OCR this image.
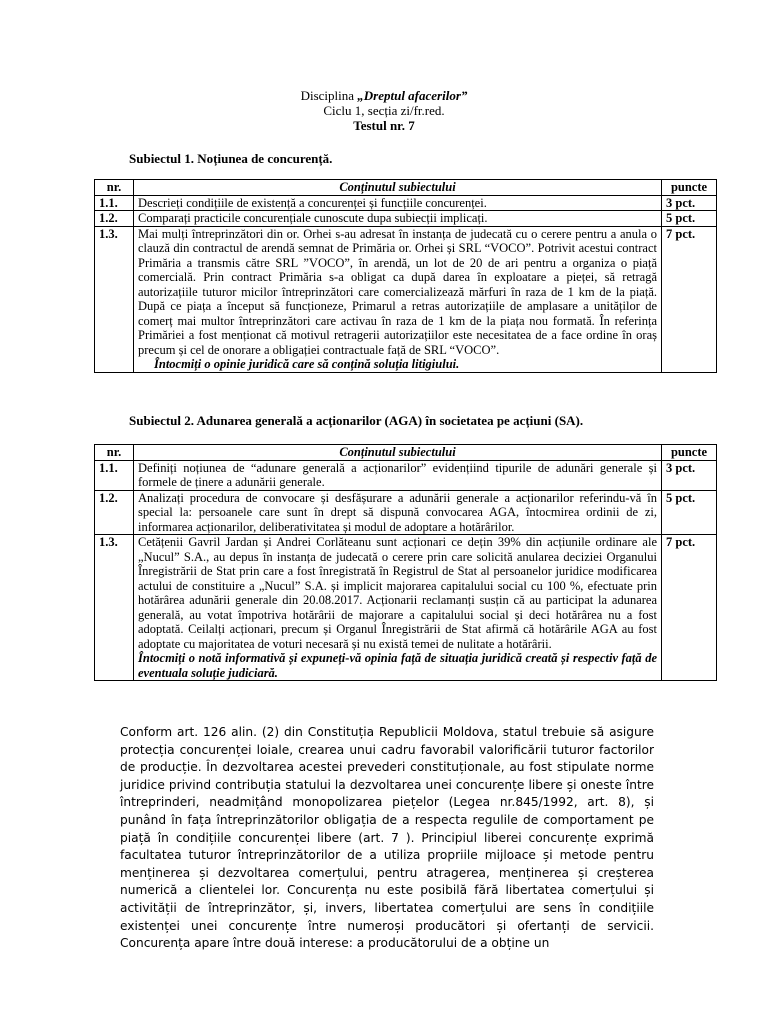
Disciplina „Dreptul afacerilor”
Ciclu 1, secția zi/fr.red.
Testul nr. 7
Subiectul 1. Noțiunea de concurență.
nr.	Conținutul subiectului	puncte
1.1.	Descrieți condițiile de existență a concurenței și funcțiile concurenței.	3 pct.
1.2.	Comparați practicile concurențiale cunoscute dupa subiecții implicați.	5 pct.
1.3.	Mai mulți întreprinzători din or. Orhei s-au adresat în instanța de judecată cu o cerere pentru a anula o clauză din contractul de arendă semnat de Primăria or. Orhei și SRL “VOCO”. Potrivit acestui contract Primăria a transmis către SRL ”VOCO”, în arendă, un lot de 20 de ari pentru a organiza o piață comercială. Prin contract Primăria s-a obligat ca după darea în exploatare a pieței, să retragă autorizațiile tuturor micilor întreprinzători care comercializează mărfuri în raza de 1 km de la piață. După ce piața a început să funcționeze, Primarul a retras autorizațiile de amplasare a unităților de comerț mai multor întreprinzători care activau în raza de 1 km de la piața nou formată. În referința Primăriei a fost menționat că motivul retragerii autorizațiilor este necesitatea de a face ordine în oraș precum și cel de onorare a obligației contractuale față de SRL “VOCO”.
Întocmiți o opinie juridică care să conțină soluția litigiului.	7 pct.
Subiectul 2. Adunarea generală a acționarilor (AGA) în societatea pe acțiuni (SA).
nr.	Conținutul subiectului	puncte
1.1.	Definiți noțiunea de “adunare generală a acționarilor” evidențiind tipurile de adunări generale și formele de ținere a adunării generale.	3 pct.
1.2.	Analizați procedura de convocare și desfășurare a adunării generale a acționarilor referindu-vă în special la: persoanele care sunt în drept să dispună convocarea AGA, întocmirea ordinii de zi, informarea acționarilor, deliberativitatea și modul de adoptare a hotărârilor.	5 pct.
1.3.	Cetățenii Gavril Jardan și Andrei Corlăteanu sunt acționari ce dețin 39% din acțiunile ordinare ale „Nucul” S.A., au depus în instanța de judecată o cerere prin care solicită anularea deciziei Organului Înregistrării de Stat prin care a fost înregistrată în Registrul de Stat al persoanelor juridice modificarea actului de constituire a „Nucul” S.A. și implicit majorarea capitalului social cu 100 %, efectuate prin hotărârea adunării generale din 20.08.2017. Acționarii reclamanți susțin că au participat la adunarea generală, au votat împotriva hotărârii de majorare a capitalului social și deci hotărârea nu a fost adoptată. Ceilalți acționari, precum și Organul Înregistrării de Stat afirmă că hotărârile AGA au fost adoptate cu majoritatea de voturi necesară și nu există temei de nulitate a hotărârii.
Întocmiți o notă informativă și expuneți-vă opinia față de situația juridică creată și respectiv față de eventuala soluție judiciară.	7 pct.
Conform art. 126 alin. (2) din Constituția Republicii Moldova, statul trebuie să asigure protecția concurenței loiale, crearea unui cadru favorabil valorificării tuturor factorilor de producție. În dezvoltarea acestei prevederi constituționale, au fost stipulate norme juridice privind contribuția statului la dezvoltarea unei concurențe libere și oneste între întreprinderi, neadmițând monopolizarea piețelor (Legea nr.845/1992, art. 8), și punând în fața întreprinzătorilor obligația de a respecta regulile de comportament pe piață în condițiile concurenței libere (art. 7 ). Principiul liberei concurențe exprimă facultatea tuturor întreprinzătorilor de a utiliza propriile mijloace și metode pentru menținerea și dezvoltarea comerțului, pentru atragerea, menținerea și creșterea numerică a clientelei lor. Concurența nu este posibilă fără libertatea comerțului și activității de întreprinzător, și, invers, libertatea comerțului are sens în condițiile existenței unei concurențe între numeroși producători și ofertanți de servicii. Concurența apare între două interese: a producătorului de a obține un
